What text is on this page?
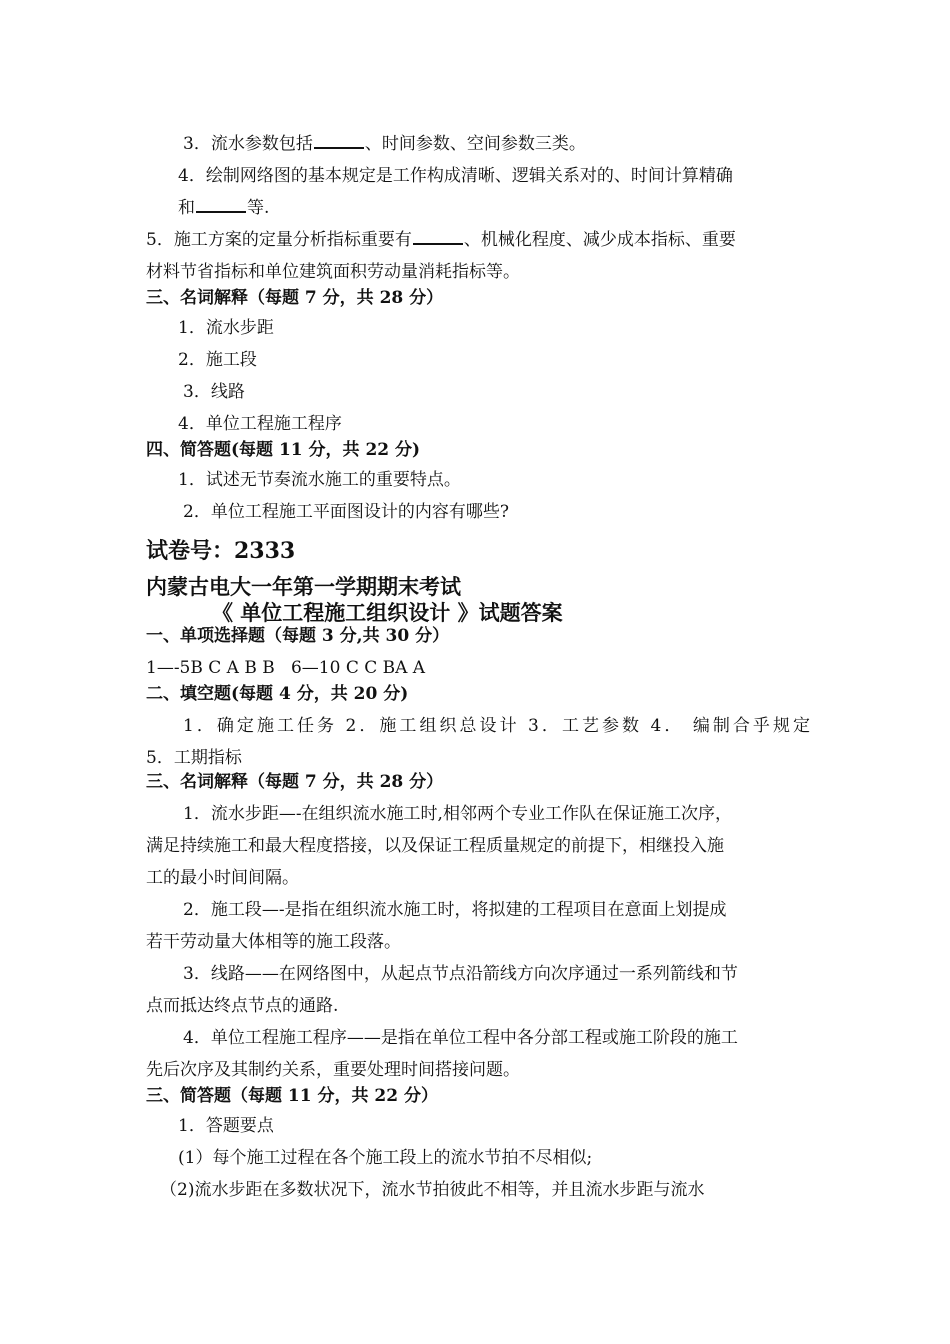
3．流水参数包括	、时间参数、空间参数三类。
4．绘制网络图的基本规定是工作构成清晰、逻辑关系对的、时间计算精确
和	等.
5．施工方案的定量分析指标重要有	、机械化程度、减少成本指标、重要
材料节省指标和单位建筑面积劳动量消耗指标等。
三、名词解释（每题 7 分，共 28 分）
1．流水步距
2．施工段
3．线路
4．单位工程施工程序
四、简答题(每题 11 分，共 22 分)
1．试述无节奏流水施工的重要特点。
2．单位工程施工平面图设计的内容有哪些?
试卷号：2333
内蒙古电大一年第一学期期末考试
《 单位工程施工组织设计 》试题答案
一、单项选择题（每题 3 分,共 30 分）
1—-5B C A B B   6—10 C C BA A
二、填空题(每题 4 分，共 20 分)
1．确定施工任务 2．施工组织总设计 3．工艺参数 4． 编制合乎规定
5．工期指标
三、名词解释（每题 7 分，共 28 分）
1．流水步距—-在组织流水施工时,相邻两个专业工作队在保证施工次序，
满足持续施工和最大程度搭接，以及保证工程质量规定的前提下，相继投入施
工的最小时间间隔。
2．施工段—-是指在组织流水施工时，将拟建的工程项目在意面上划提成
若干劳动量大体相等的施工段落。
3．线路——在网络图中，从起点节点沿箭线方向次序通过一系列箭线和节
点而抵达终点节点的通路.
4．单位工程施工程序——是指在单位工程中各分部工程或施工阶段的施工
先后次序及其制约关系，重要处理时间搭接问题。
三、简答题（每题 11 分，共 22 分）
1．答题要点
(1）每个施工过程在各个施工段上的流水节拍不尽相似;
（2)流水步距在多数状况下，流水节拍彼此不相等，并且流水步距与流水
